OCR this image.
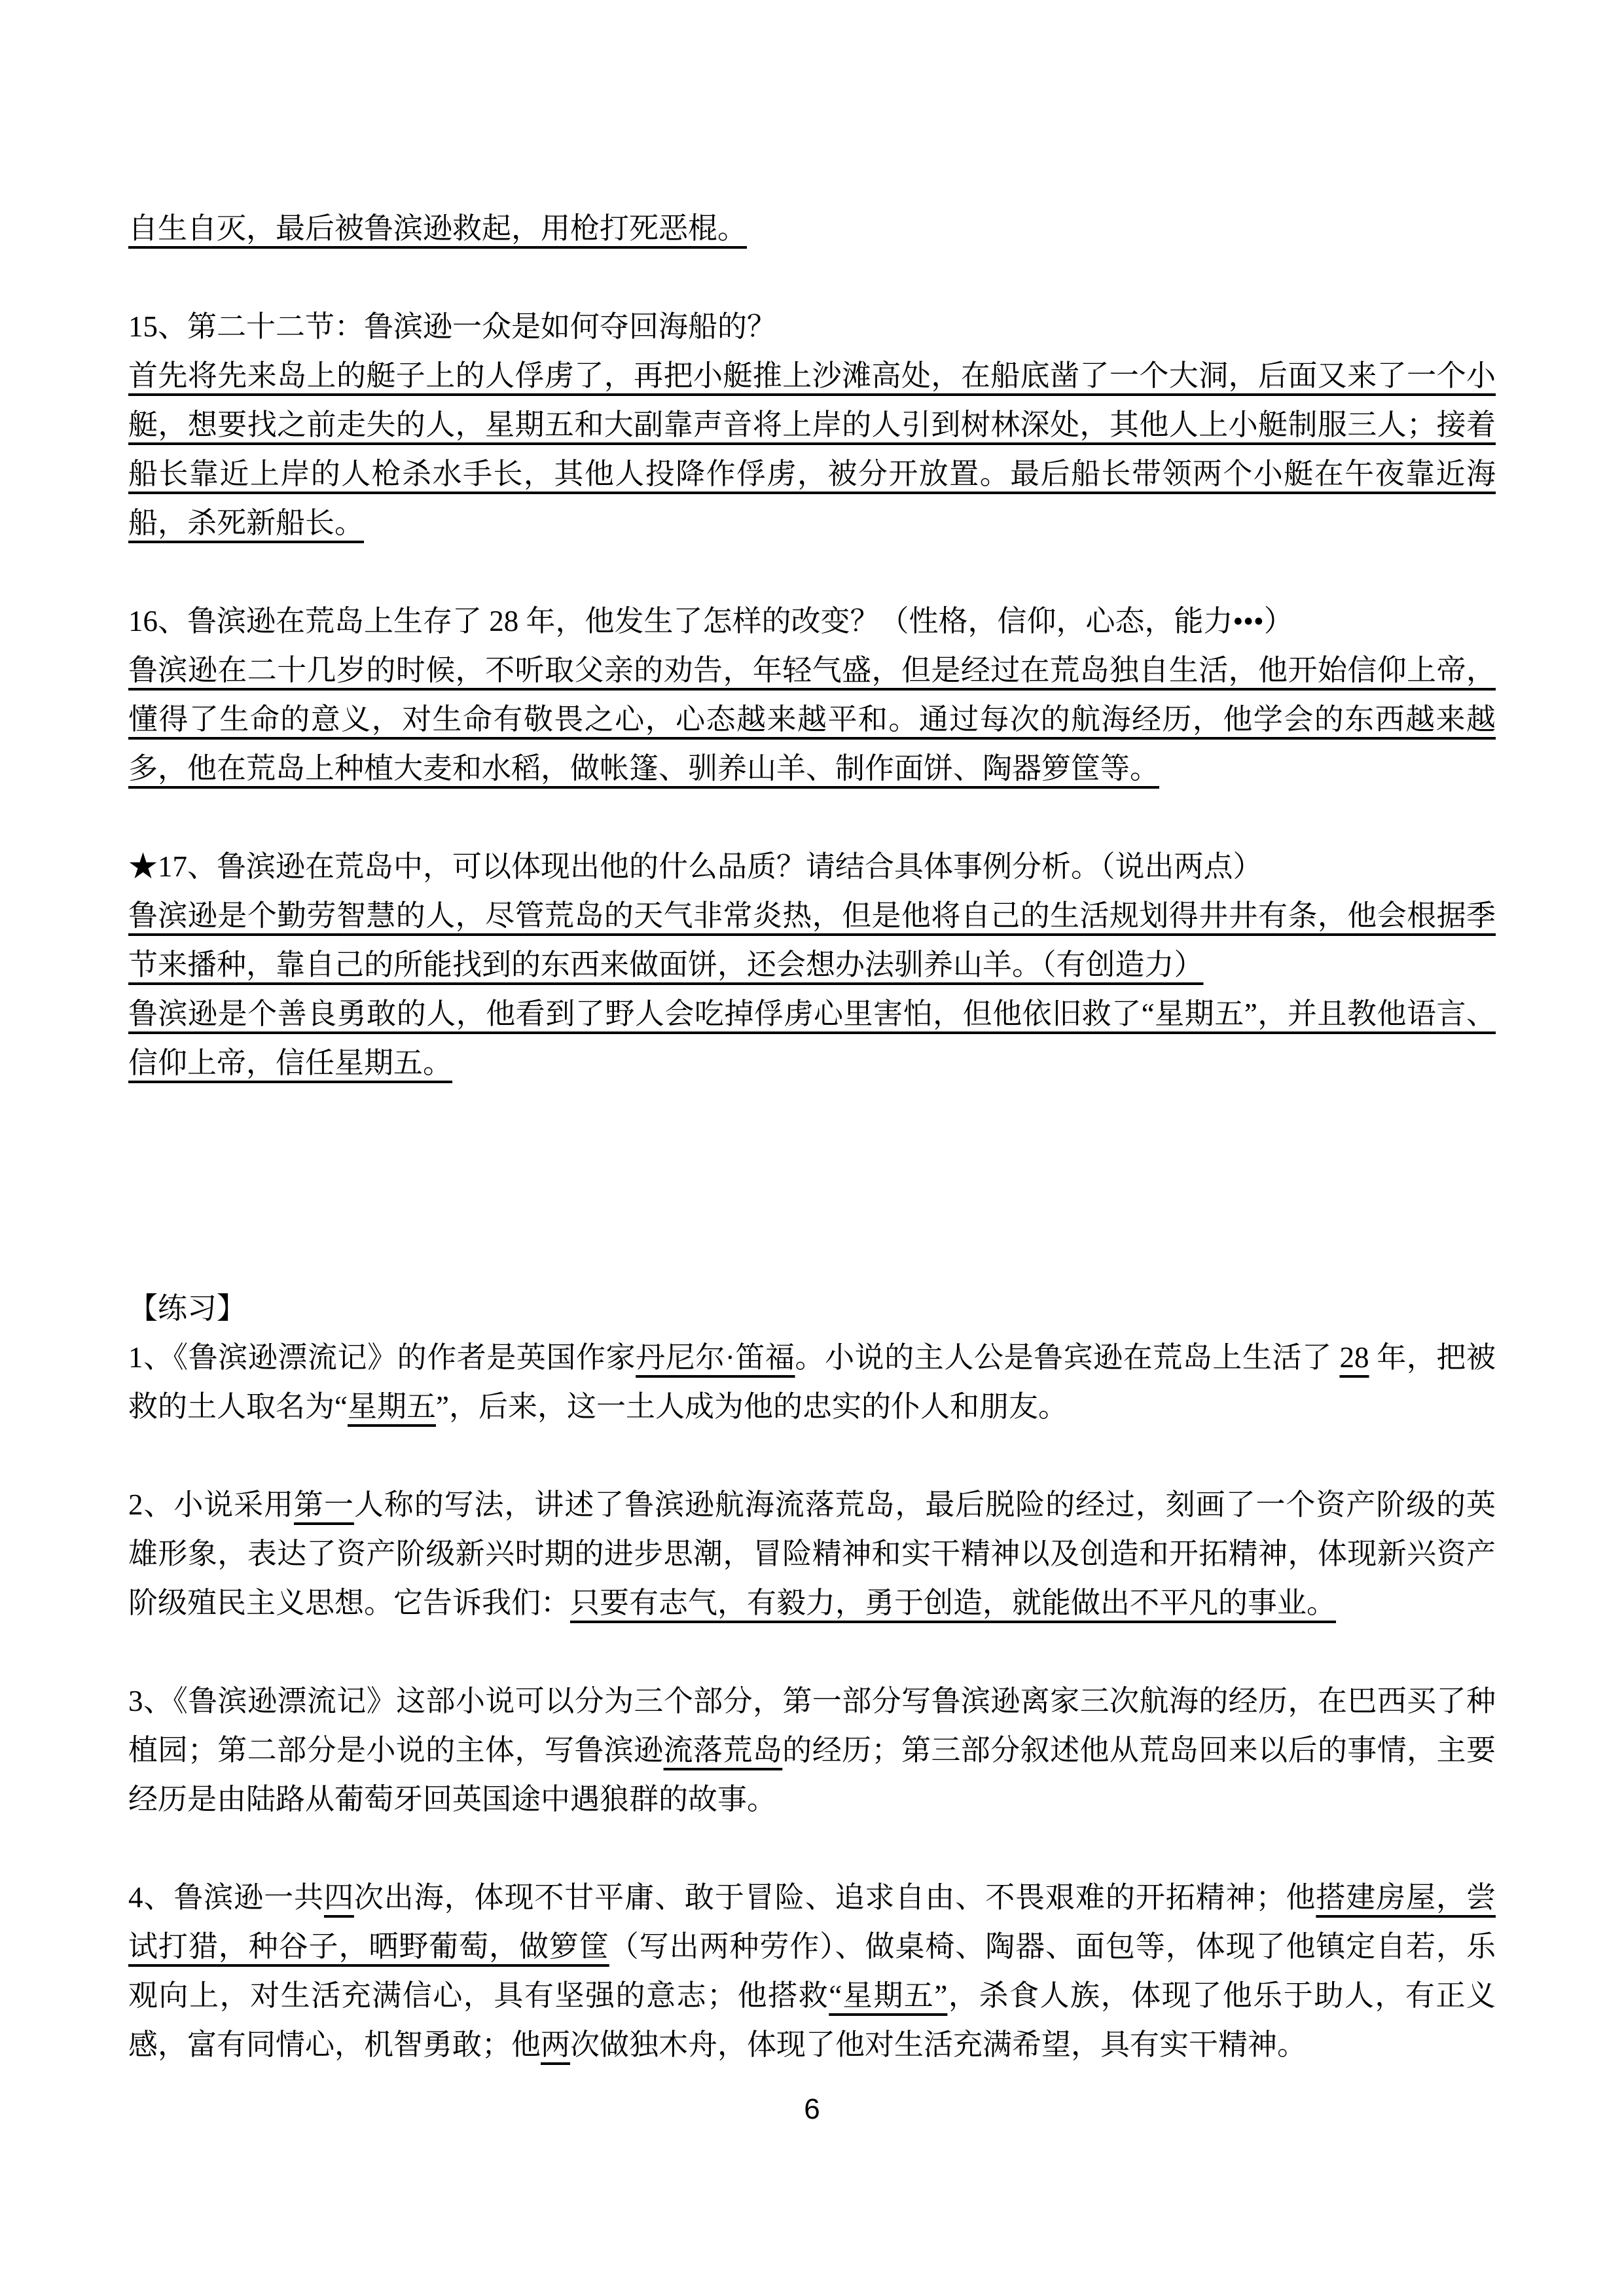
自生自灭，最后被鲁滨逊救起，用枪打死恶棍。

15、第二十二节：鲁滨逊一众是如何夺回海船的？

首先将先来岛上的艇子上的人俘虏了，再把小艇推上沙滩高处，在船底凿了一个大洞，后面又来了一个小艇，想要找之前走失的人，星期五和大副靠声音将上岸的人引到树林深处，其他人上小艇制服三人；接着船长靠近上岸的人枪杀水手长，其他人投降作俘虏，被分开放置。最后船长带领两个小艇在午夜靠近海船，杀死新船长。

16、鲁滨逊在荒岛上生存了 28 年，他发生了怎样的改变？（性格，信仰，心态，能力•••）

鲁滨逊在二十几岁的时候，不听取父亲的劝告，年轻气盛，但是经过在荒岛独自生活，他开始信仰上帝，懂得了生命的意义，对生命有敬畏之心，心态越来越平和。通过每次的航海经历，他学会的东西越来越多，他在荒岛上种植大麦和水稻，做帐篷、驯养山羊、制作面饼、陶器箩筐等。

★17、鲁滨逊在荒岛中，可以体现出他的什么品质？请结合具体事例分析。（说出两点）

鲁滨逊是个勤劳智慧的人，尽管荒岛的天气非常炎热，但是他将自己的生活规划得井井有条，他会根据季节来播种，靠自己的所能找到的东西来做面饼，还会想办法驯养山羊。（有创造力）

鲁滨逊是个善良勇敢的人，他看到了野人会吃掉俘虏心里害怕，但他依旧救了“星期五”，并且教他语言、信仰上帝，信任星期五。

【练习】

1、《鲁滨逊漂流记》的作者是英国作家丹尼尔·笛福。小说的主人公是鲁宾逊在荒岛上生活了 28 年，把被救的土人取名为“星期五”，后来，这一土人成为他的忠实的仆人和朋友。

2、小说采用第一人称的写法，讲述了鲁滨逊航海流落荒岛，最后脱险的经过，刻画了一个资产阶级的英雄形象，表达了资产阶级新兴时期的进步思潮，冒险精神和实干精神以及创造和开拓精神，体现新兴资产阶级殖民主义思想。它告诉我们：只要有志气，有毅力，勇于创造，就能做出不平凡的事业。

3、《鲁滨逊漂流记》这部小说可以分为三个部分，第一部分写鲁滨逊离家三次航海的经历，在巴西买了种植园；第二部分是小说的主体，写鲁滨逊流落荒岛的经历；第三部分叙述他从荒岛回来以后的事情，主要经历是由陆路从葡萄牙回英国途中遇狼群的故事。

4、鲁滨逊一共四次出海，体现不甘平庸、敢于冒险、追求自由、不畏艰难的开拓精神；他搭建房屋，尝试打猎，种谷子，晒野葡萄，做箩筐（写出两种劳作）、做桌椅、陶器、面包等，体现了他镇定自若，乐观向上，对生活充满信心，具有坚强的意志；他搭救“星期五”，杀食人族，体现了他乐于助人，有正义感，富有同情心，机智勇敢；他两次做独木舟，体现了他对生活充满希望，具有实干精神。

6
